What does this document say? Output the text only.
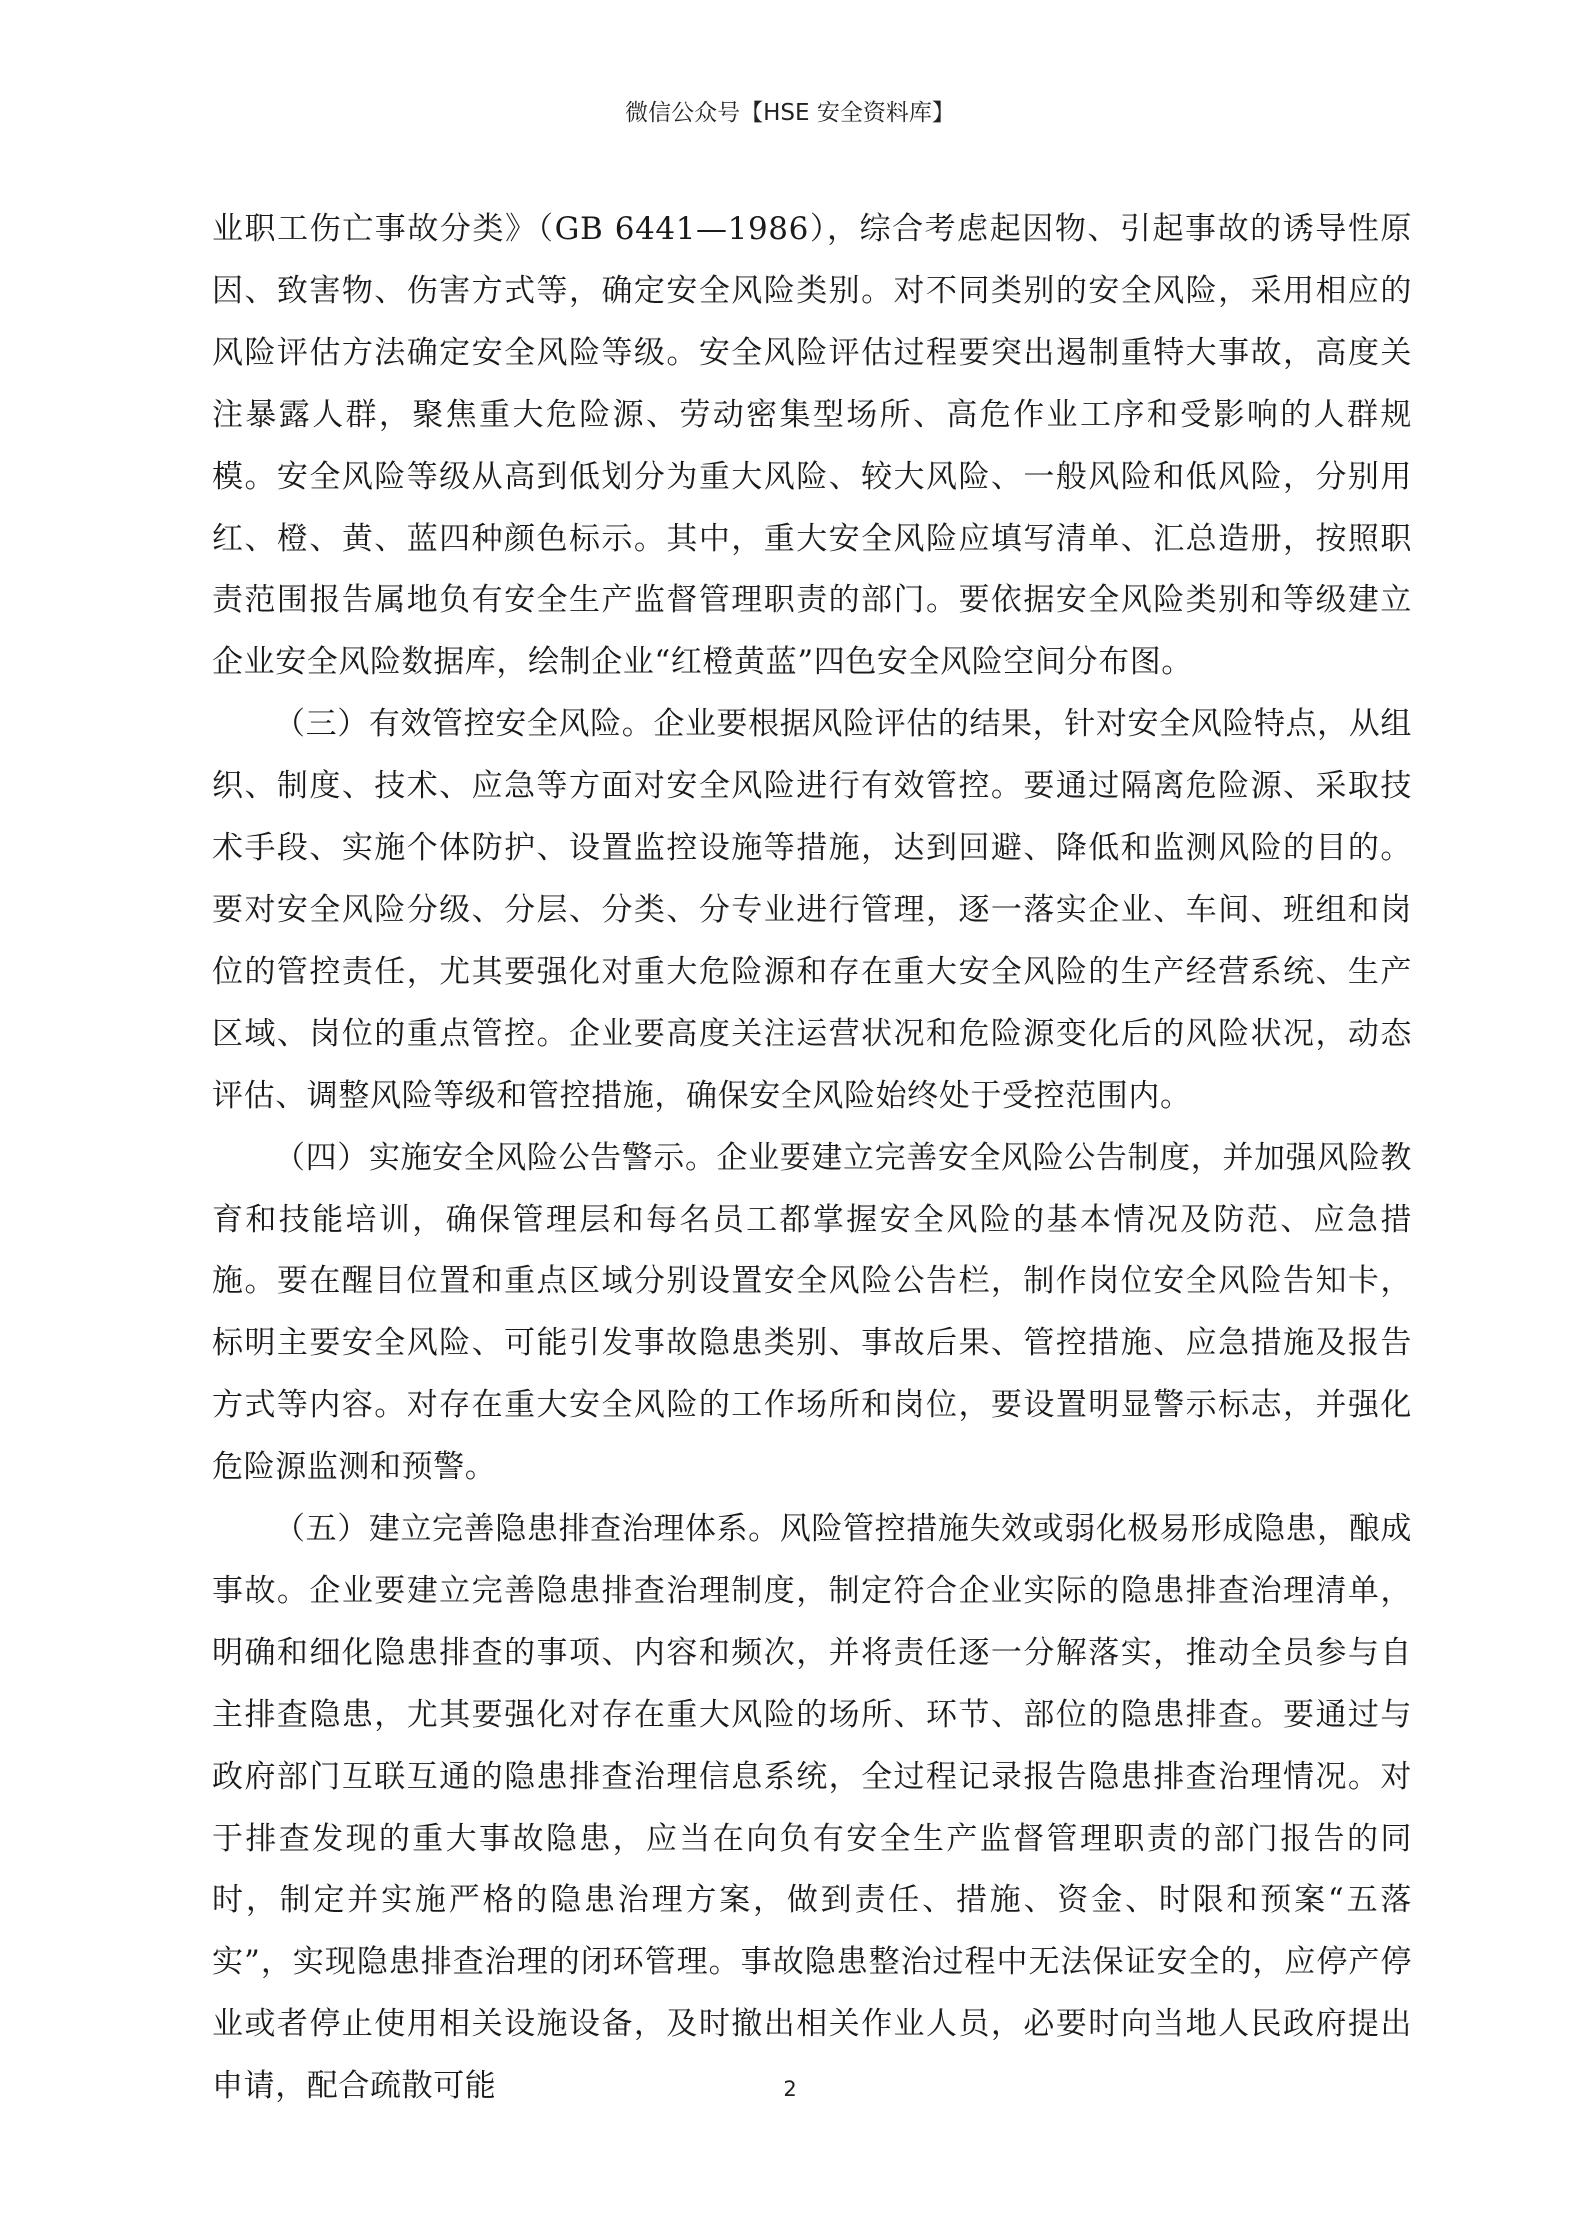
微信公众号【HSE 安全资料库】

业职工伤亡事故分类》（GB 6441—1986），综合考虑起因物、引起事故的诱导性原因、致害物、伤害方式等，确定安全风险类别。对不同类别的安全风险，采用相应的风险评估方法确定安全风险等级。安全风险评估过程要突出遏制重特大事故，高度关注暴露人群，聚焦重大危险源、劳动密集型场所、高危作业工序和受影响的人群规模。安全风险等级从高到低划分为重大风险、较大风险、一般风险和低风险，分别用红、橙、黄、蓝四种颜色标示。其中，重大安全风险应填写清单、汇总造册，按照职责范围报告属地负有安全生产监督管理职责的部门。要依据安全风险类别和等级建立企业安全风险数据库，绘制企业“红橙黄蓝”四色安全风险空间分布图。

（三）有效管控安全风险。企业要根据风险评估的结果，针对安全风险特点，从组织、制度、技术、应急等方面对安全风险进行有效管控。要通过隔离危险源、采取技术手段、实施个体防护、设置监控设施等措施，达到回避、降低和监测风险的目的。要对安全风险分级、分层、分类、分专业进行管理，逐一落实企业、车间、班组和岗位的管控责任，尤其要强化对重大危险源和存在重大安全风险的生产经营系统、生产区域、岗位的重点管控。企业要高度关注运营状况和危险源变化后的风险状况，动态评估、调整风险等级和管控措施，确保安全风险始终处于受控范围内。

（四）实施安全风险公告警示。企业要建立完善安全风险公告制度，并加强风险教育和技能培训，确保管理层和每名员工都掌握安全风险的基本情况及防范、应急措施。要在醒目位置和重点区域分别设置安全风险公告栏，制作岗位安全风险告知卡，标明主要安全风险、可能引发事故隐患类别、事故后果、管控措施、应急措施及报告方式等内容。对存在重大安全风险的工作场所和岗位，要设置明显警示标志，并强化危险源监测和预警。

（五）建立完善隐患排查治理体系。风险管控措施失效或弱化极易形成隐患，酿成事故。企业要建立完善隐患排查治理制度，制定符合企业实际的隐患排查治理清单，明确和细化隐患排查的事项、内容和频次，并将责任逐一分解落实，推动全员参与自主排查隐患，尤其要强化对存在重大风险的场所、环节、部位的隐患排查。要通过与政府部门互联互通的隐患排查治理信息系统，全过程记录报告隐患排查治理情况。对于排查发现的重大事故隐患，应当在向负有安全生产监督管理职责的部门报告的同时，制定并实施严格的隐患治理方案，做到责任、措施、资金、时限和预案“五落实”，实现隐患排查治理的闭环管理。事故隐患整治过程中无法保证安全的，应停产停业或者停止使用相关设施设备，及时撤出相关作业人员，必要时向当地人民政府提出申请，配合疏散可能	2
